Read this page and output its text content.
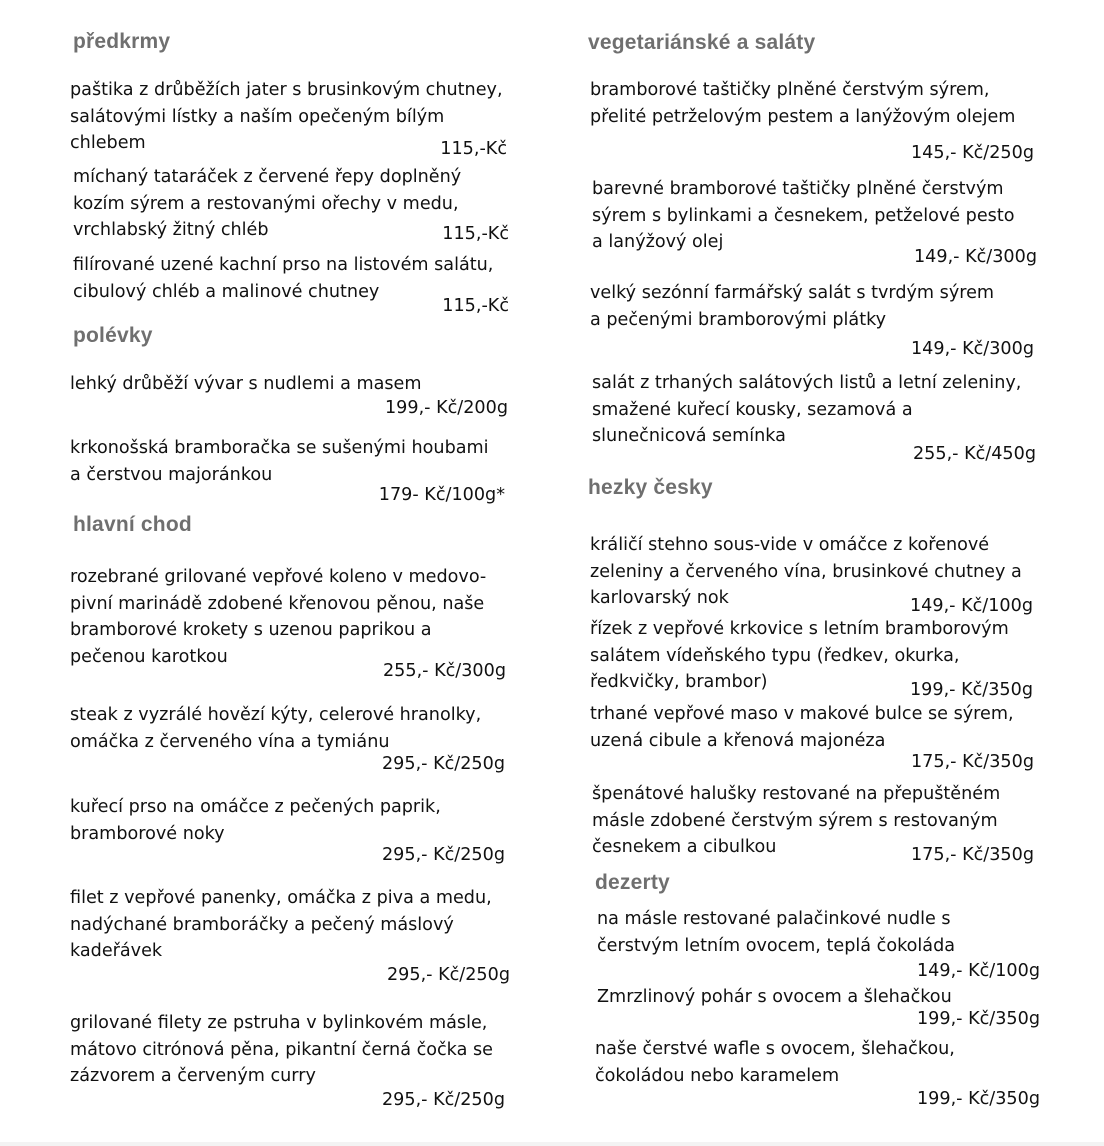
předkrmy
paštika z drůběžích jater s brusinkovým chutney,
salátovými lístky a naším opečeným bílým
chlebem	115,-Kč
míchaný tataráček z červené řepy doplněný
kozím sýrem a restovanými ořechy v medu,
vrchlabský žitný chléb	115,-Kč
filírované uzené kachní prso na listovém salátu,
cibulový chléb a malinové chutney
115,-Kč
polévky
lehký drůběží vývar s nudlemi a masem
199,- Kč/200g
krkonošská bramboračka se sušenými houbami
a čerstvou majoránkou
179- Kč/100g*
hlavní chod
rozebrané grilované vepřové koleno v medovo-
pivní marinádě zdobené křenovou pěnou, naše
bramborové krokety s uzenou paprikou a
pečenou karotkou
255,- Kč/300g
steak z vyzrálé hovězí kýty, celerové hranolky,
omáčka z červeného vína a tymiánu
295,- Kč/250g
kuřecí prso na omáčce z pečených paprik,
bramborové noky
295,- Kč/250g
filet z vepřové panenky, omáčka z piva a medu,
nadýchané bramboráčky a pečený máslový
kadeřávek
295,- Kč/250g
grilované filety ze pstruha v bylinkovém másle,
mátovo citrónová pěna, pikantní černá čočka se
zázvorem a červeným curry
295,- Kč/250g
vegetariánské a saláty
bramborové taštičky plněné čerstvým sýrem,
přelité petrželovým pestem a lanýžovým olejem
145,- Kč/250g
barevné bramborové taštičky plněné čerstvým
sýrem s bylinkami a česnekem, petželové pesto
a lanýžový olej
149,- Kč/300g
velký sezónní farmářský salát s tvrdým sýrem
a pečenými bramborovými plátky
149,- Kč/300g
salát z trhaných salátových listů a letní zeleniny,
smažené kuřecí kousky, sezamová a
slunečnicová semínka
255,- Kč/450g
hezky česky
králičí stehno sous-vide v omáčce z kořenové
zeleniny a červeného vína, brusinkové chutney a
karlovarský nok	149,- Kč/100g
řízek z vepřové krkovice s letním bramborovým
salátem vídeňského typu (ředkev, okurka,
ředkvičky, brambor)	199,- Kč/350g
trhané vepřové maso v makové bulce se sýrem,
uzená cibule a křenová majonéza
175,- Kč/350g
špenátové halušky restované na přepuštěném
másle zdobené čerstvým sýrem s restovaným
česnekem a cibulkou	175,- Kč/350g
dezerty
na másle restované palačinkové nudle s
čerstvým letním ovocem, teplá čokoláda
149,- Kč/100g
Zmrzlinový pohár s ovocem a šlehačkou
199,- Kč/350g
naše čerstvé wafle s ovocem, šlehačkou,
čokoládou nebo karamelem
199,- Kč/350g
